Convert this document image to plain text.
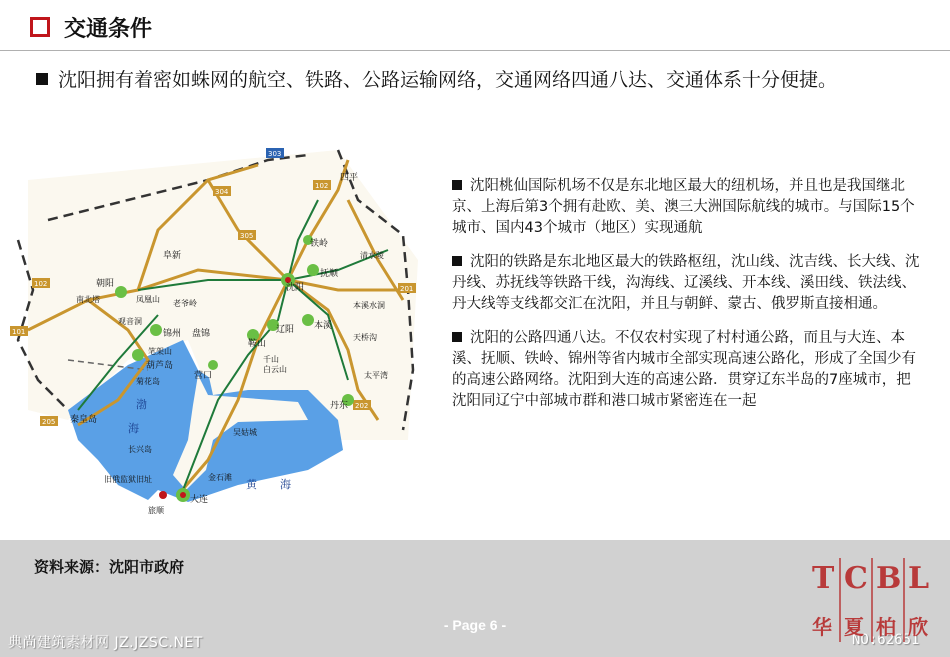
交通条件
沈阳拥有着密如蛛网的航空、铁路、公路运输网络，交通网络四通八达、交通体系十分便捷。
303
102
304
305
101
102
201
205
202
四平
阜新
铁岭
朝阳	沈阳
抚顺
清水陵
南北塔	凤凰山 老爷岭	本溪水洞
观音洞
锦州 盘锦
鞍山
辽阳 本溪
天桥沟
笔架山
葫芦岛
菊花岛
营口
千山
白云山
太平湾
丹东
秦皇岛
吴姑城
长兴岛
金石滩
旧俄监狱旧址
旅顺
大连
渤
海
黄 海

沈阳桃仙国际机场不仅是东北地区最大的纽机场，并且也是我国继北京、上海后第3个拥有赴欧、美、澳三大洲国际航线的城市。与国际15个城市、国内43个城市（地区）实现通航

沈阳的铁路是东北地区最大的铁路枢纽，沈山线、沈吉线、长大线、沈丹线、苏抚线等铁路干线，沟海线、辽溪线、开本线、溪田线、铁法线、丹大线等支线都交汇在沈阳，并且与朝鲜、蒙古、俄罗斯直接相通。

沈阳的公路四通八达。不仅农村实现了村村通公路，而且与大连、本溪、抚顺、铁岭、锦州等省内城市全部实现高速公路化，形成了全国少有的高速公路网络。沈阳到大连的高速公路．贯穿辽东半岛的7座城市，把沈阳同辽宁中部城市群和港口城市紧密连在一起

资料来源：沈阳市政府
- Page 6 -
典尚建筑素材网 JZ.JZSC.NET	NO:62651
T C B L
华 夏 柏 欣
